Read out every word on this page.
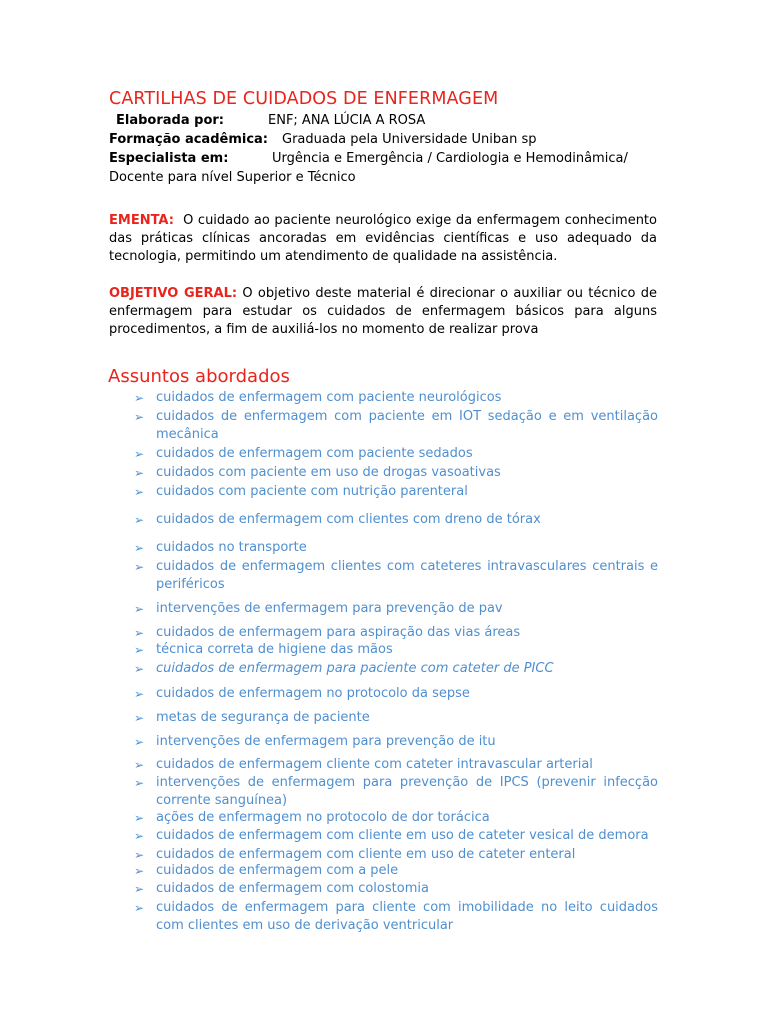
CARTILHAS DE CUIDADOS DE ENFERMAGEM
Elaborada por:	ENF; ANA LÚCIA A ROSA
Formação acadêmica: Graduada pela Universidade Uniban sp
Especialista em:	Urgência e Emergência / Cardiologia e Hemodinâmica/
Docente para nível Superior e Técnico
EMENTA: O cuidado ao paciente neurológico exige da enfermagem conhecimento das práticas clínicas ancoradas em evidências científicas e uso adequado da tecnologia, permitindo um atendimento de qualidade na assistência.
OBJETIVO GERAL: O objetivo deste material é direcionar o auxiliar ou técnico de enfermagem para estudar os cuidados de enfermagem básicos para alguns procedimentos, a fim de auxiliá-los no momento de realizar prova
Assuntos abordados
➢ cuidados de enfermagem com paciente neurológicos
➢ cuidados de enfermagem com paciente em IOT sedação e em ventilação mecânica
➢ cuidados de enfermagem com paciente sedados
➢ cuidados com paciente em uso de drogas vasoativas
➢ cuidados com paciente com nutrição parenteral
➢ cuidados de enfermagem com clientes com dreno de tórax
➢ cuidados no transporte
➢ cuidados de enfermagem clientes com cateteres intravasculares centrais e periféricos
➢ intervenções de enfermagem para prevenção de pav
➢ cuidados de enfermagem para aspiração das vias áreas
➢ técnica correta de higiene das mãos
➢ cuidados de enfermagem para paciente com cateter de PICC
➢ cuidados de enfermagem no protocolo da sepse
➢ metas de segurança de paciente
➢ intervenções de enfermagem para prevenção de itu
➢ cuidados de enfermagem cliente com cateter intravascular arterial
➢ intervenções de enfermagem para prevenção de IPCS (prevenir infecção corrente sanguínea)
➢ ações de enfermagem no protocolo de dor torácica
➢ cuidados de enfermagem com cliente em uso de cateter vesical de demora
➢ cuidados de enfermagem com cliente em uso de cateter enteral
➢ cuidados de enfermagem com a pele
➢ cuidados de enfermagem com colostomia
➢ cuidados de enfermagem para cliente com imobilidade no leito cuidados com clientes em uso de derivação ventricular
